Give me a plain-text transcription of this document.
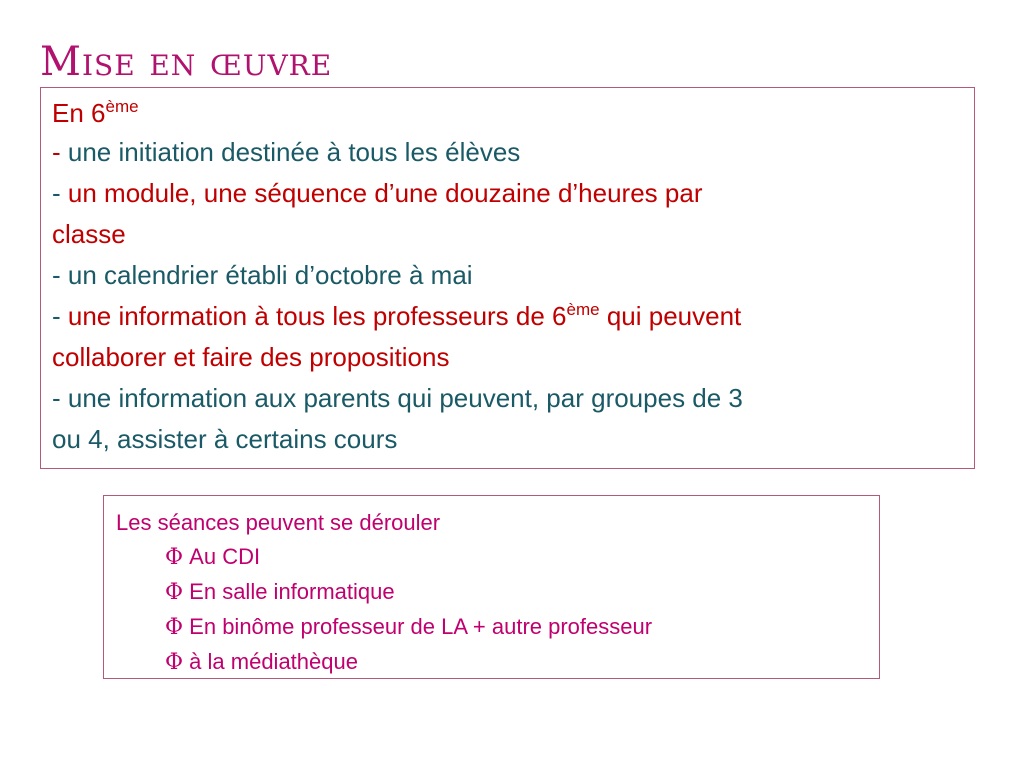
Mise en œuvre

En 6ème

- une initiation destinée à tous les élèves

- un module, une séquence d’une douzaine d’heures par

classe

- un calendrier établi d’octobre à mai

- une information à tous les professeurs de 6ème qui peuvent

collaborer et faire des propositions

- une information aux parents qui peuvent, par groupes de 3

ou 4, assister à certains cours

Les séances peuvent se dérouler

Φ Au CDI

Φ En salle informatique

Φ En binôme professeur de LA + autre professeur

Φ à la médiathèque
